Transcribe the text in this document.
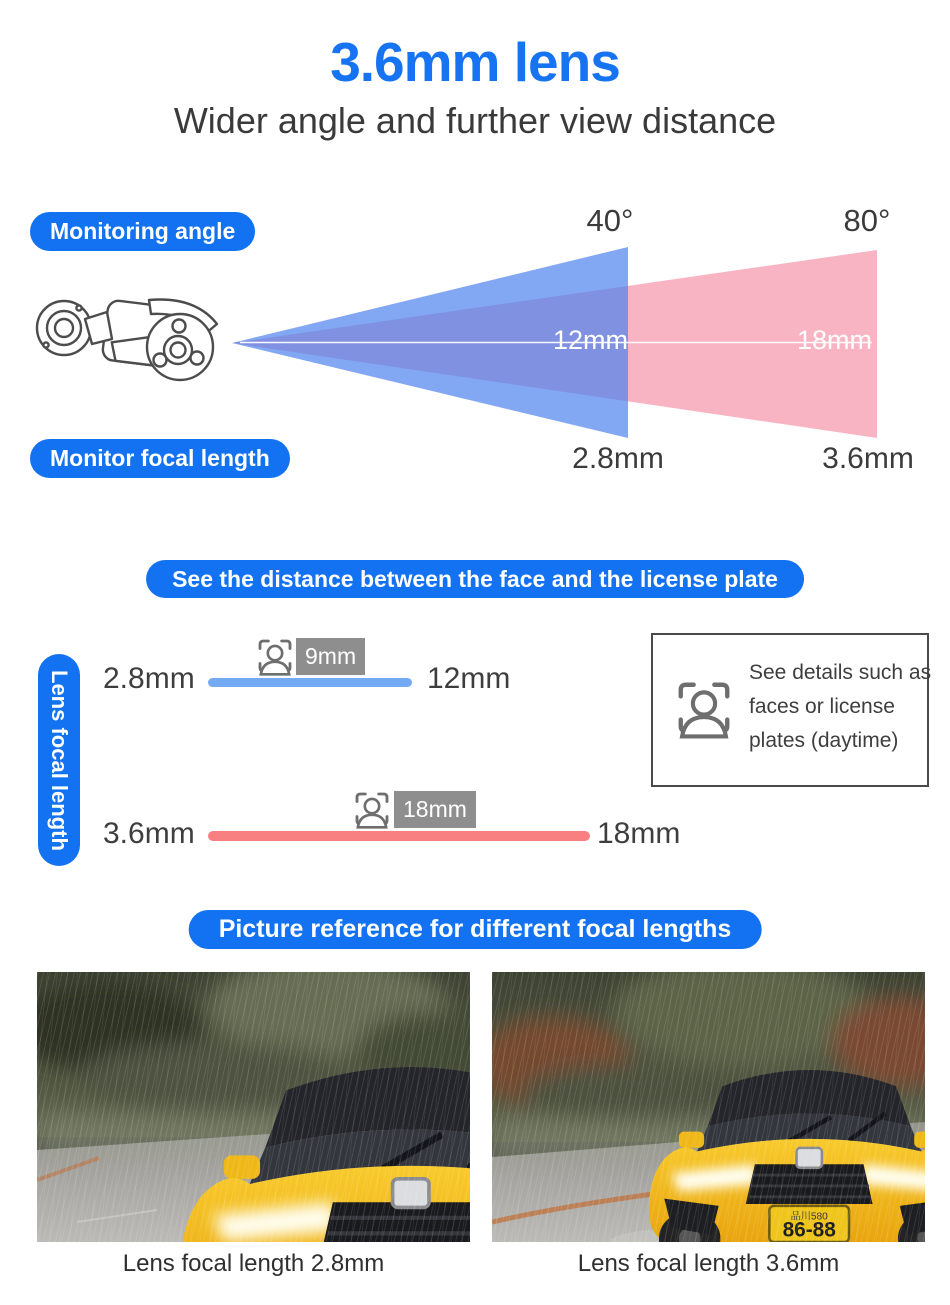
3.6mm lens
Wider angle and further view distance
Monitoring angle	40°	80°
12mm	18mm
2.8mm	3.6mm
Monitor focal length
See the distance between the face and the license plate
Lens focal length 2.8mm
9mm
12mm
3.6mm
18mm
18mm
See details such as
faces or license
plates (daytime)
Picture reference for different focal lengths
Lens focal length 2.8mm	Lens focal length 3.6mm
